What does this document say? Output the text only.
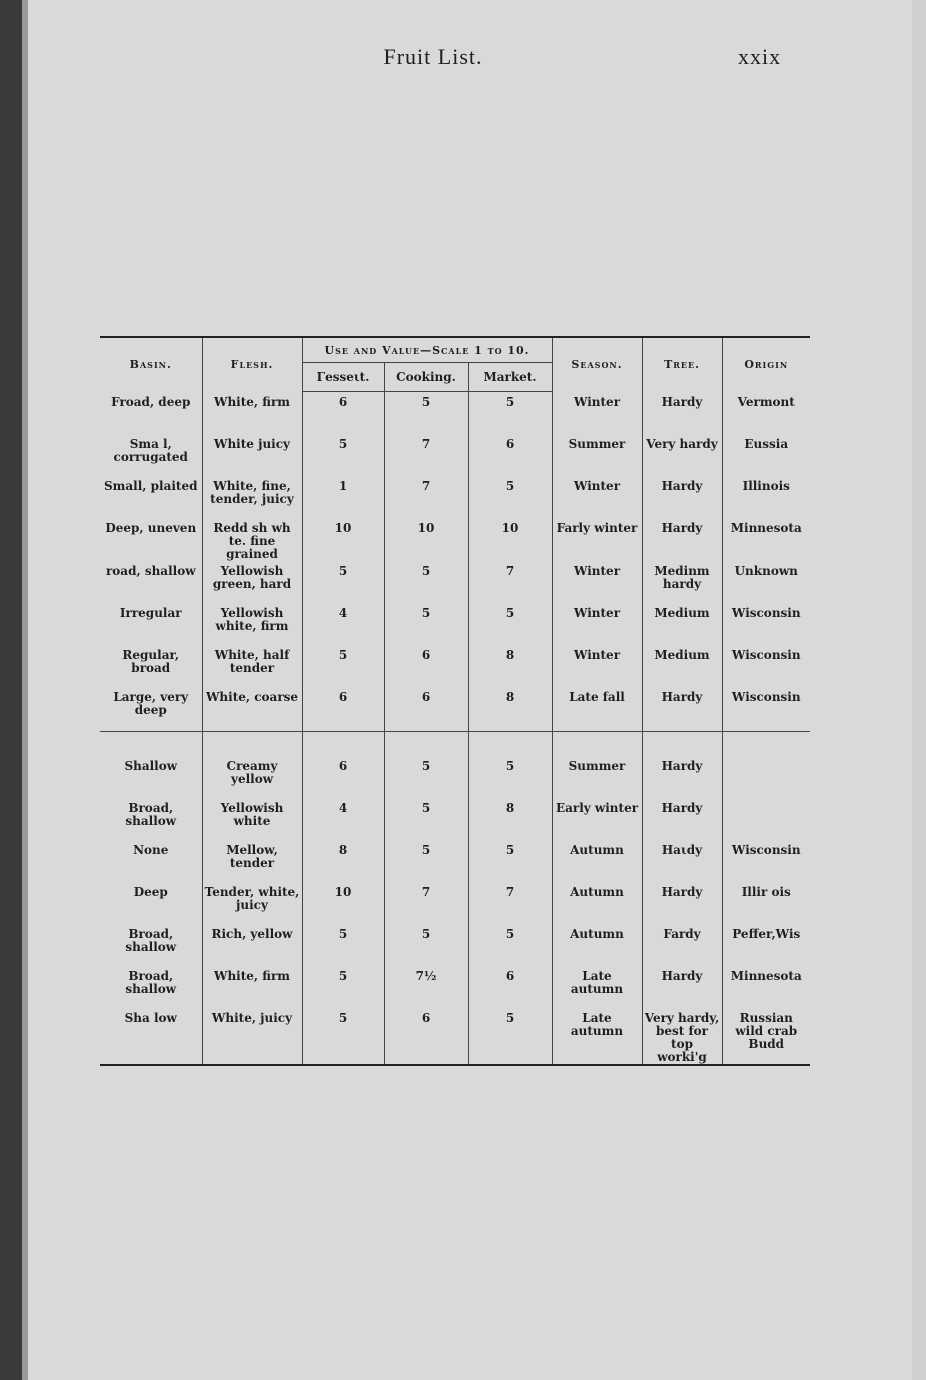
Fruit List.	xxix
Basin.	Flesh.	Use and Value—Scale 1 to 10.			Season.	Tree.	Origin
		Γeꜱseιt.	Cooking.	Market.			
Froad, deep	White, firm	6	5	5	Winter	Hardy	Vermont
Sma l, corrugated	White juicy	5	7	6	Summer	Very hardy	Eussia
Small, plaited	White, fine, tender, juicy	1	7	5	Winter	Hardy	Illinois
Deep, uneven	Redd sh wh te. fine grained	10	10	10	Farly winter	Hardy	Minnesota
road, shallow	Yellowish green, hard	5	5	7	Winter	Medinm hardy	Unknown
Irregular	Yellowish white, firm	4	5	5	Winter	Medium	Wisconsin
Regular, broad	White, half tender	5	6	8	Winter	Medium	Wisconsin
Large, very deep	White, coarse	6	6	8	Late fall	Hardy	Wisconsin

Shallow	Creamy yellow	6	5	5	Summer	Hardy	
Broad, shallow	Yellowish white	4	5	8	Early winter	Hardy	
None	Mellow, tender	8	5	5	Autumn	Haιdy	Wisconsin
Deep	Tender, white, juicy	10	7	7	Autumn	Hardy	Illir ois
Broad, shallow	Rich, yellow	5	5	5	Autumn	Fardy	Peffer,Wis
Broad, shallow	White, firm	5	7½	6	Late autumn	Hardy	Minnesota
Sha low	White, juicy	5	6	5	Late autumn	Very hardy, best for top worki'g	Russian wild crab Budd
